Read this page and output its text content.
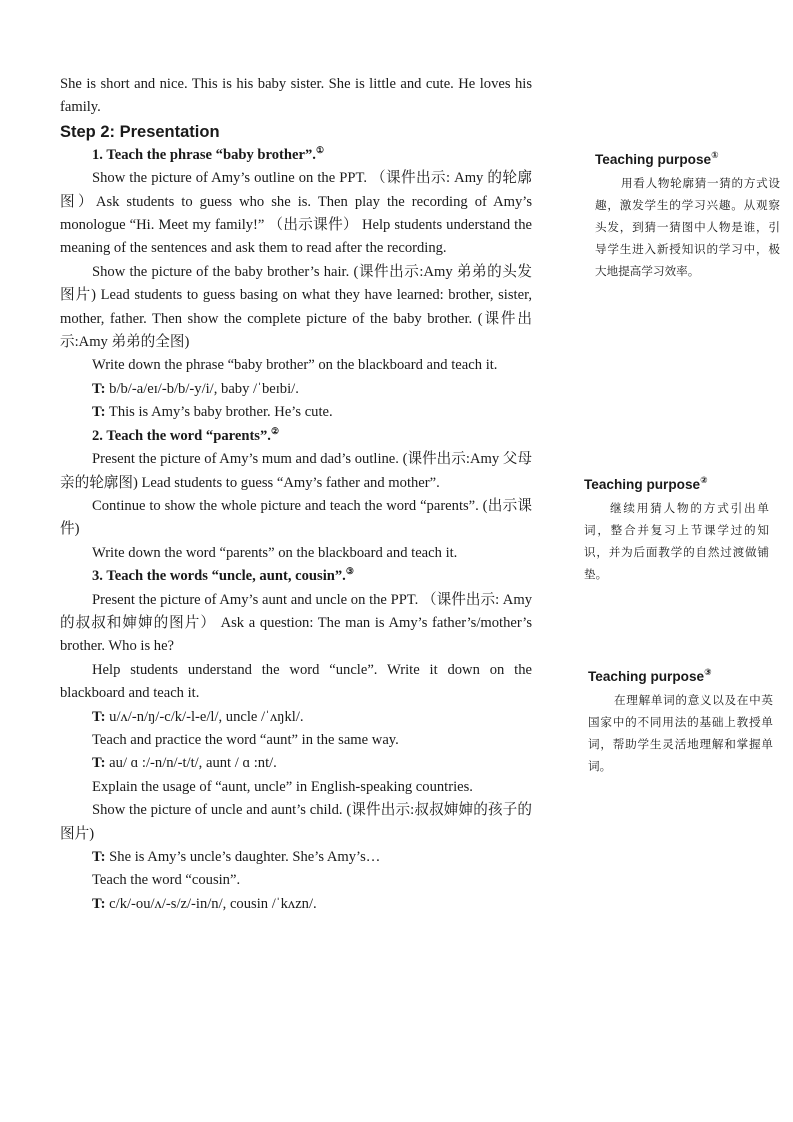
She is short and nice. This is his baby sister. She is little and cute. He loves his family.

Step 2: Presentation

1. Teach the phrase “baby brother”.①

Show the picture of Amy’s outline on the PPT. （课件出示: Amy 的轮廓图）Ask students to guess who she is. Then play the recording of Amy’s monologue “Hi. Meet my family!” （出示课件） Help students understand the meaning of the sentences and ask them to read after the recording.

Show the picture of the baby brother’s hair. (课件出示:Amy 弟弟的头发图片) Lead students to guess basing on what they have learned: brother, sister, mother, father. Then show the complete picture of the baby brother. (课件出示:Amy 弟弟的全图)

Write down the phrase “baby brother” on the blackboard and teach it.

T: b/b/-a/eɪ/-b/b/-y/i/, baby /ˈbeɪbi/.

T: This is Amy’s baby brother. He’s cute.

2. Teach the word “parents”.②

Present the picture of Amy’s mum and dad’s outline. (课件出示:Amy 父母亲的轮廓图) Lead students to guess “Amy’s father and mother”.

Continue to show the whole picture and teach the word “parents”. (出示课件)

Write down the word “parents” on the blackboard and teach it.

3. Teach the words “uncle, aunt, cousin”.③

Present the picture of Amy’s aunt and uncle on the PPT. （课件出示: Amy 的叔叔和婶婶的图片） Ask a question: The man is Amy’s father’s/mother’s brother. Who is he?

Help students understand the word “uncle”. Write it down on the blackboard and teach it.

T: u/ʌ/-n/ŋ/-c/k/-l-e/l/, uncle /ˈʌŋkl/.

Teach and practice the word “aunt” in the same way.

T: au/ ɑ :/-n/n/-t/t/, aunt / ɑ :nt/.

Explain the usage of “aunt, uncle” in English-speaking countries.

Show the picture of uncle and aunt’s child. (课件出示:叔叔婶婶的孩子的图片)

T: She is Amy’s uncle’s daughter. She’s Amy’s…

Teach the word “cousin”.

T: c/k/-ou/ʌ/-s/z/-in/n/, cousin /ˈkʌzn/.

Teaching purpose①

用看人物轮廓猜一猜的方式设趣，激发学生的学习兴趣。从观察头发，到猜一猜图中人物是谁，引导学生进入新授知识的学习中，极大地提高学习效率。

Teaching purpose②

继续用猜人物的方式引出单词，整合并复习上节课学过的知识，并为后面教学的自然过渡做铺垫。

Teaching purpose③

在理解单词的意义以及在中英国家中的不同用法的基础上教授单词，帮助学生灵活地理解和掌握单词。
